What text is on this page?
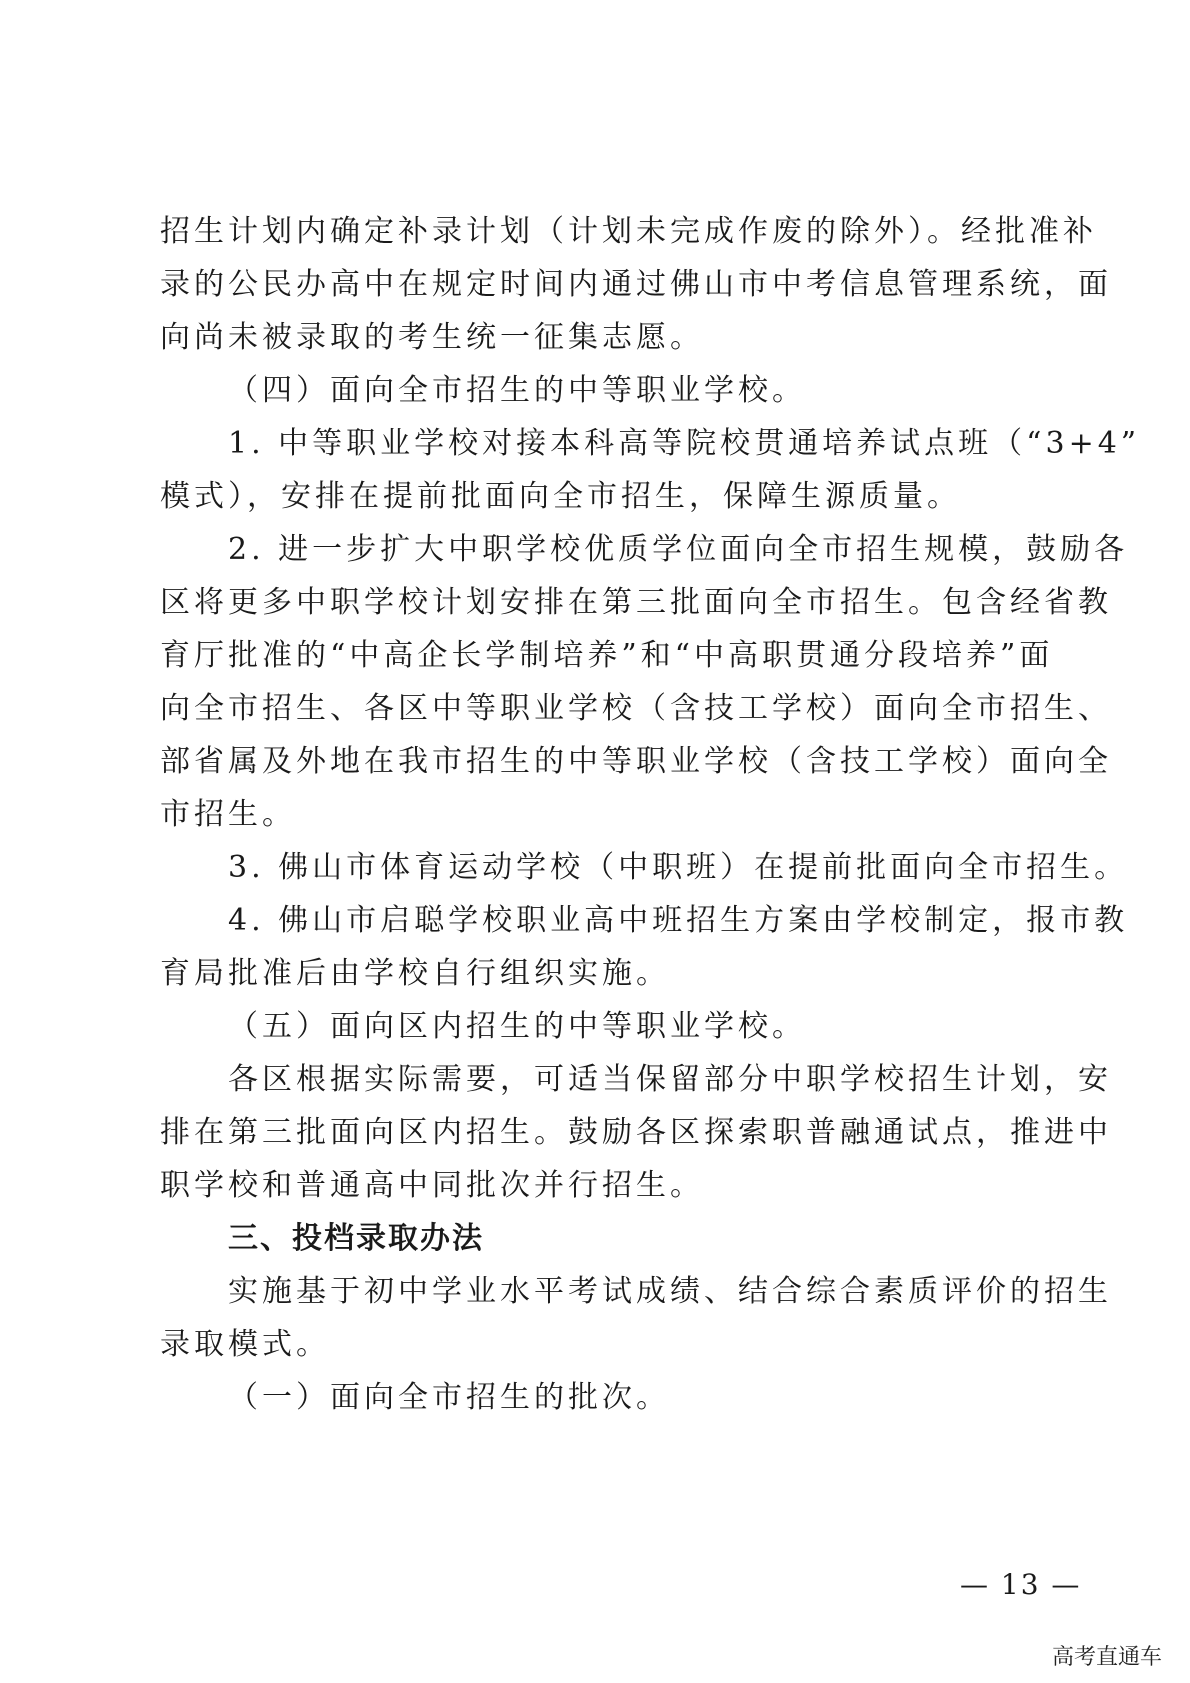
招生计划内确定补录计划（计划未完成作废的除外）。经批准补
录的公民办高中在规定时间内通过佛山市中考信息管理系统，面
向尚未被录取的考生统一征集志愿。
（四）面向全市招生的中等职业学校。
1. 中等职业学校对接本科高等院校贯通培养试点班（“3+4”
模式），安排在提前批面向全市招生，保障生源质量。
2. 进一步扩大中职学校优质学位面向全市招生规模，鼓励各
区将更多中职学校计划安排在第三批面向全市招生。包含经省教
育厅批准的“中高企长学制培养”和“中高职贯通分段培养”面
向全市招生、各区中等职业学校（含技工学校）面向全市招生、
部省属及外地在我市招生的中等职业学校（含技工学校）面向全
市招生。
3. 佛山市体育运动学校（中职班）在提前批面向全市招生。
4. 佛山市启聪学校职业高中班招生方案由学校制定，报市教
育局批准后由学校自行组织实施。
（五）面向区内招生的中等职业学校。
各区根据实际需要，可适当保留部分中职学校招生计划，安
排在第三批面向区内招生。鼓励各区探索职普融通试点，推进中
职学校和普通高中同批次并行招生。
三、投档录取办法
实施基于初中学业水平考试成绩、结合综合素质评价的招生
录取模式。
（一）面向全市招生的批次。
— 13 —
高考直通车
